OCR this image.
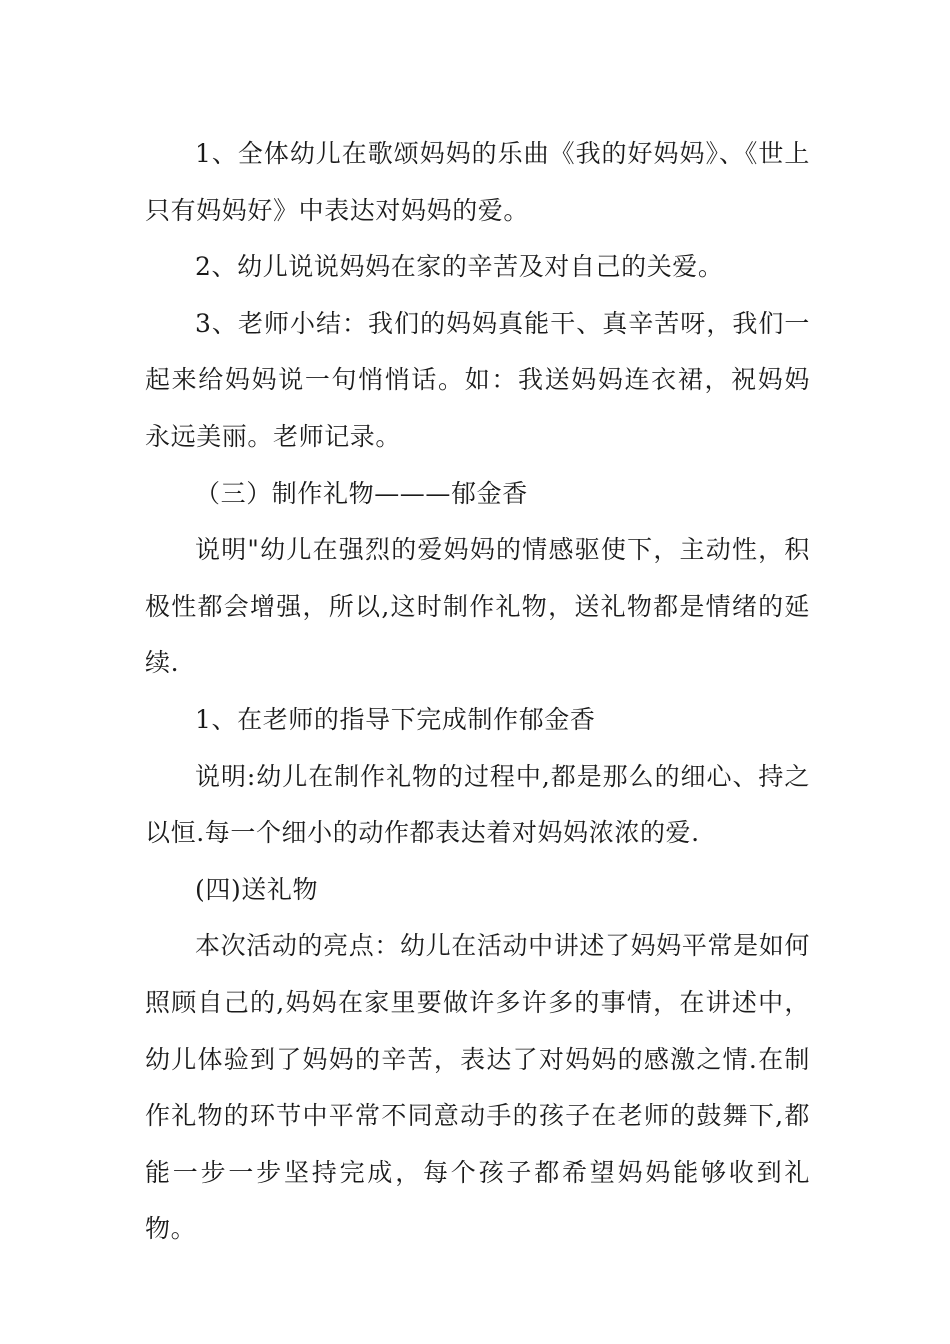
1、全体幼儿在歌颂妈妈的乐曲《我的好妈妈》、《世上只有妈妈好》中表达对妈妈的爱。

2、幼儿说说妈妈在家的辛苦及对自己的关爱。

3、老师小结：我们的妈妈真能干、真辛苦呀，我们一起来给妈妈说一句悄悄话。如：我送妈妈连衣裙，祝妈妈永远美丽。老师记录。

（三）制作礼物———郁金香

说明"幼儿在强烈的爱妈妈的情感驱使下，主动性，积极性都会增强，所以,这时制作礼物，送礼物都是情绪的延续.

1、在老师的指导下完成制作郁金香

说明:幼儿在制作礼物的过程中,都是那么的细心、持之以恒.每一个细小的动作都表达着对妈妈浓浓的爱.

(四)送礼物

本次活动的亮点：幼儿在活动中讲述了妈妈平常是如何照顾自己的,妈妈在家里要做许多许多的事情，在讲述中，幼儿体验到了妈妈的辛苦，表达了对妈妈的感激之情.在制作礼物的环节中平常不同意动手的孩子在老师的鼓舞下,都能一步一步坚持完成，每个孩子都希望妈妈能够收到礼物。
